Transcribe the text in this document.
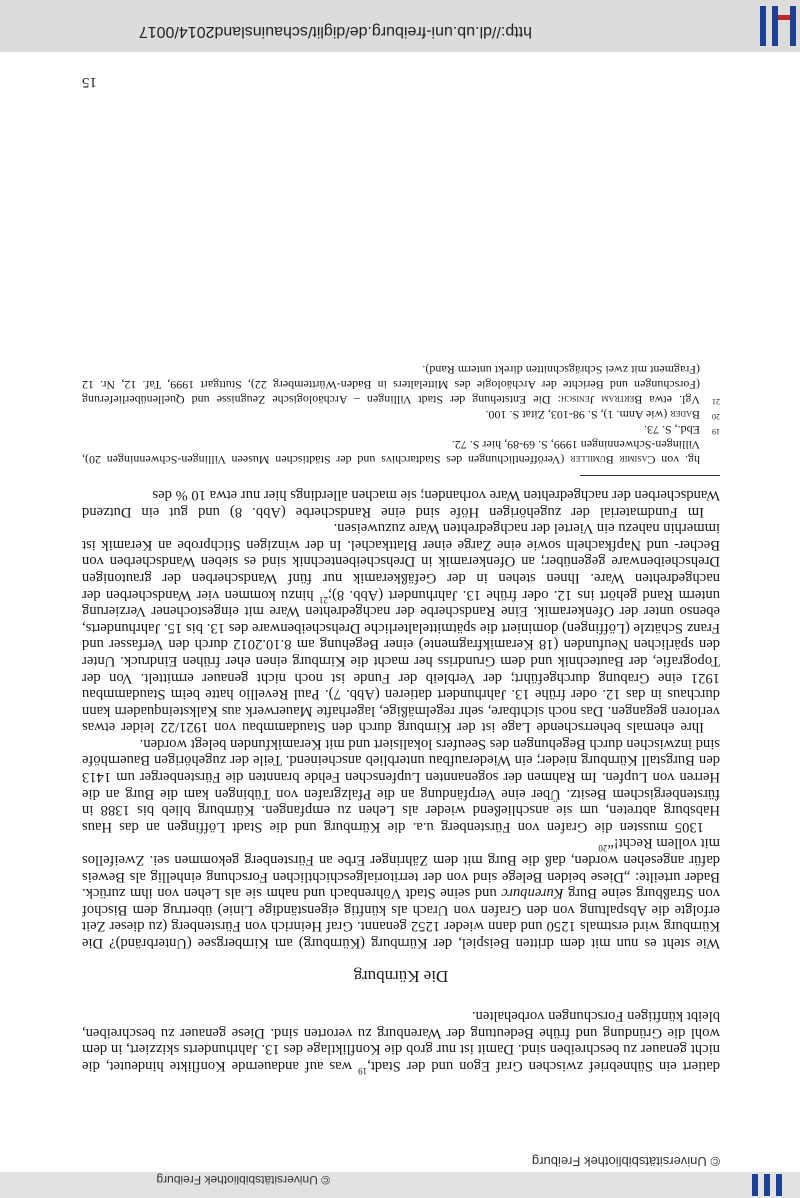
© Universitätsbibliothek Freiburg
© Universitätsbibliothek Freiburg

datiert ein Sühnebrief zwischen Graf Egon und der Stadt,$^{19}$ was auf andauernde Konflikte hindeutet, die nicht genauer zu beschreiben sind. Damit ist nur grob die Konfliktlage des 13. Jahrhunderts skizziert, in dem wohl die Gründung und frühe Bedeutung der Warenburg zu verorten sind. Diese genauer zu beschreiben, bleibt künftigen Forschungen vorbehalten.

Die Kürnburg

Wie steht es nun mit dem dritten Beispiel, der Kürnburg (Kürnburg) am Kirnbergsee (Unterbränd)? Die Kürnburg wird erstmals 1250 und dann wieder 1252 genannt. Graf Heinrich von Fürstenberg (zu dieser Zeit erfolgte die Abspaltung von den Grafen von Urach als künftig eigenständige Linie) übertrug dem Bischof von Straßburg seine Burg Kurenburc und seine Stadt Vöhrenbach und nahm sie als Lehen von ihm zurück. Bader urteilte: „Diese beiden Belege sind von der territorialgeschichtlichen Forschung einhellig als Beweis dafür angesehen worden, daß die Burg mit dem Zähringer Erbe an Fürstenberg gekommen sei. Zweifellos mit vollem Recht!“$^{20}$

1305 mussten die Grafen von Fürstenberg u.a. die Kürnburg und die Stadt Löffingen an das Haus Habsburg abtreten, um sie anschließend wieder als Lehen zu empfangen. Kürnburg blieb bis 1388 in fürstenbergischem Besitz. Über eine Verpfändung an die Pfalzgrafen von Tübingen kam die Burg an die Herren von Lupfen. Im Rahmen der sogenannten Lupfenschen Fehde brannten die Fürstenberger um 1413 den Burgstall Kürnburg nieder; ein Wiederaufbau unterblieb anscheinend. Teile der zugehörigen Bauernhöfe sind inzwischen durch Begehungen des Seeufers lokalisiert und mit Keramikfunden belegt worden.

Ihre ehemals beherrschende Lage ist der Kirnburg durch den Staudammbau von 1921/22 leider etwas verloren gegangen. Das noch sichtbare, sehr regelmäßige, lagerhafte Mauerwerk aus Kalksteinquadern kann durchaus in das 12. oder frühe 13. Jahrhundert datieren (Abb. 7). Paul Revellio hatte beim Staudammbau 1921 eine Grabung durchgeführt; der Verbleib der Funde ist noch nicht genauer ermittelt. Von der Topografie, der Bautechnik und dem Grundriss her macht die Kirnburg einen eher frühen Eindruck. Unter den spärlichen Neufunden (18 Keramikfragmente) einer Begehung am 8.10.2012 durch den Verfasser und Franz Schätzle (Löffingen) dominiert die spätmittelalterliche Drehscheibenware des 13. bis 15. Jahrhunderts, ebenso unter der Ofenkeramik. Eine Randscherbe der nachgedrehten Ware mit eingestochener Verzierung unterm Rand gehört ins 12. oder frühe 13. Jahrhundert (Abb. 8);$^{21}$ hinzu kommen vier Wandscherben der nachgedrehten Ware. Ihnen stehen in der Gefäßkeramik nur fünf Wandscherben der grautonigen Drehscheibenware gegenüber; an Ofenkeramik in Drehscheibentechnik sind es sieben Wandscherben von Becher- und Napfkacheln sowie eine Zarge einer Blattkachel. In der winzigen Stichprobe an Keramik ist immerhin nahezu ein Viertel der nachgedrehten Ware zuzuweisen.

Im Fundmaterial der zugehörigen Höfe sind eine Randscherbe (Abb. 8) und gut ein Dutzend Wandscherben der nachgedrehten Ware vorhanden; sie machen allerdings hier nur etwa 10 % des

hg. von Casimir Bumiller (Veröffentlichungen des Stadtarchivs und der Städtischen Museen Villingen-Schwenningen 20), Villingen-Schwenningen 1999, S. 69-89, hier S. 72.

19
Ebd., S. 73.

20
Bader (wie Anm. 1), S. 98-103, Zitat S. 100.

21
Vgl. etwa Bertram Jenisch: Die Entstehung der Stadt Villingen – Archäologische Zeugnisse und Quellenüberlieferung (Forschungen und Berichte der Archäologie des Mittelalters in Baden-Württemberg 22), Stuttgart 1999, Taf. 12, Nr. 12 (Fragment mit zwei Schrägschnitten direkt unterm Rand).

15
http://dl.ub.uni-freiburg.de/diglit/schauinsland2014/0017
